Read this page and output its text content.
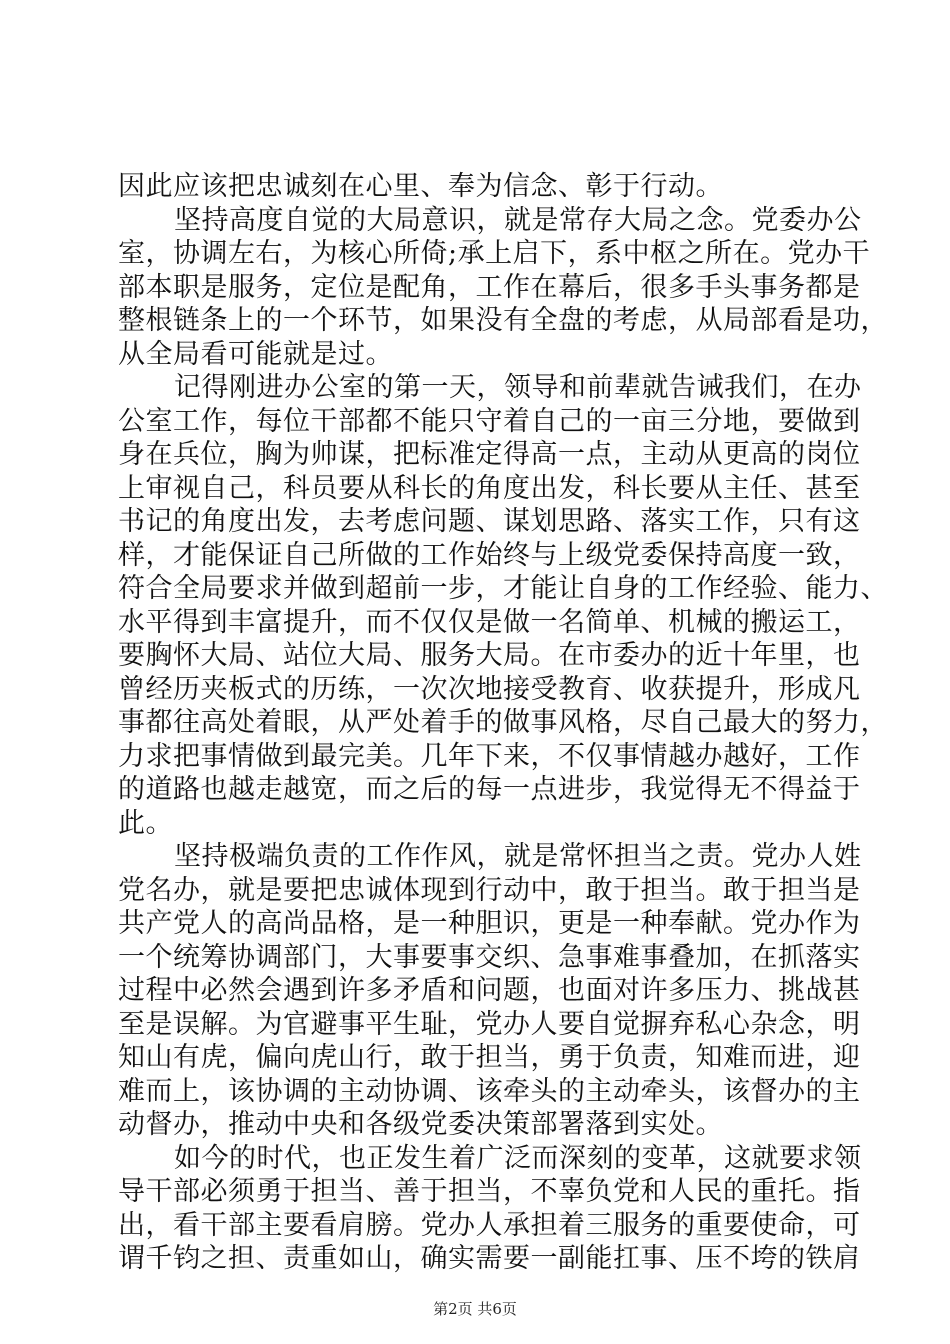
因此应该把忠诚刻在心里、奉为信念、彰于行动。
坚持高度自觉的大局意识，就是常存大局之念。党委办公
室，协调左右，为核心所倚;承上启下，系中枢之所在。党办干
部本职是服务，定位是配角，工作在幕后，很多手头事务都是
整根链条上的一个环节，如果没有全盘的考虑，从局部看是功，
从全局看可能就是过。
记得刚进办公室的第一天，领导和前辈就告诫我们，在办
公室工作，每位干部都不能只守着自己的一亩三分地，要做到
身在兵位，胸为帅谋，把标准定得高一点，主动从更高的岗位
上审视自己，科员要从科长的角度出发，科长要从主任、甚至
书记的角度出发，去考虑问题、谋划思路、落实工作，只有这
样，才能保证自己所做的工作始终与上级党委保持高度一致，
符合全局要求并做到超前一步，才能让自身的工作经验、能力、
水平得到丰富提升，而不仅仅是做一名简单、机械的搬运工，
要胸怀大局、站位大局、服务大局。在市委办的近十年里，也
曾经历夹板式的历练，一次次地接受教育、收获提升，形成凡
事都往高处着眼，从严处着手的做事风格，尽自己最大的努力，
力求把事情做到最完美。几年下来，不仅事情越办越好，工作
的道路也越走越宽，而之后的每一点进步，我觉得无不得益于
此。
坚持极端负责的工作作风，就是常怀担当之责。党办人姓
党名办，就是要把忠诚体现到行动中，敢于担当。敢于担当是
共产党人的高尚品格，是一种胆识，更是一种奉献。党办作为
一个统筹协调部门，大事要事交织、急事难事叠加，在抓落实
过程中必然会遇到许多矛盾和问题，也面对许多压力、挑战甚
至是误解。为官避事平生耻，党办人要自觉摒弃私心杂念，明
知山有虎，偏向虎山行，敢于担当，勇于负责，知难而进，迎
难而上，该协调的主动协调、该牵头的主动牵头，该督办的主
动督办，推动中央和各级党委决策部署落到实处。
如今的时代，也正发生着广泛而深刻的变革，这就要求领
导干部必须勇于担当、善于担当，不辜负党和人民的重托。指
出，看干部主要看肩膀。党办人承担着三服务的重要使命，可
谓千钧之担、责重如山，确实需要一副能扛事、压不垮的铁肩
第2页 共6页
